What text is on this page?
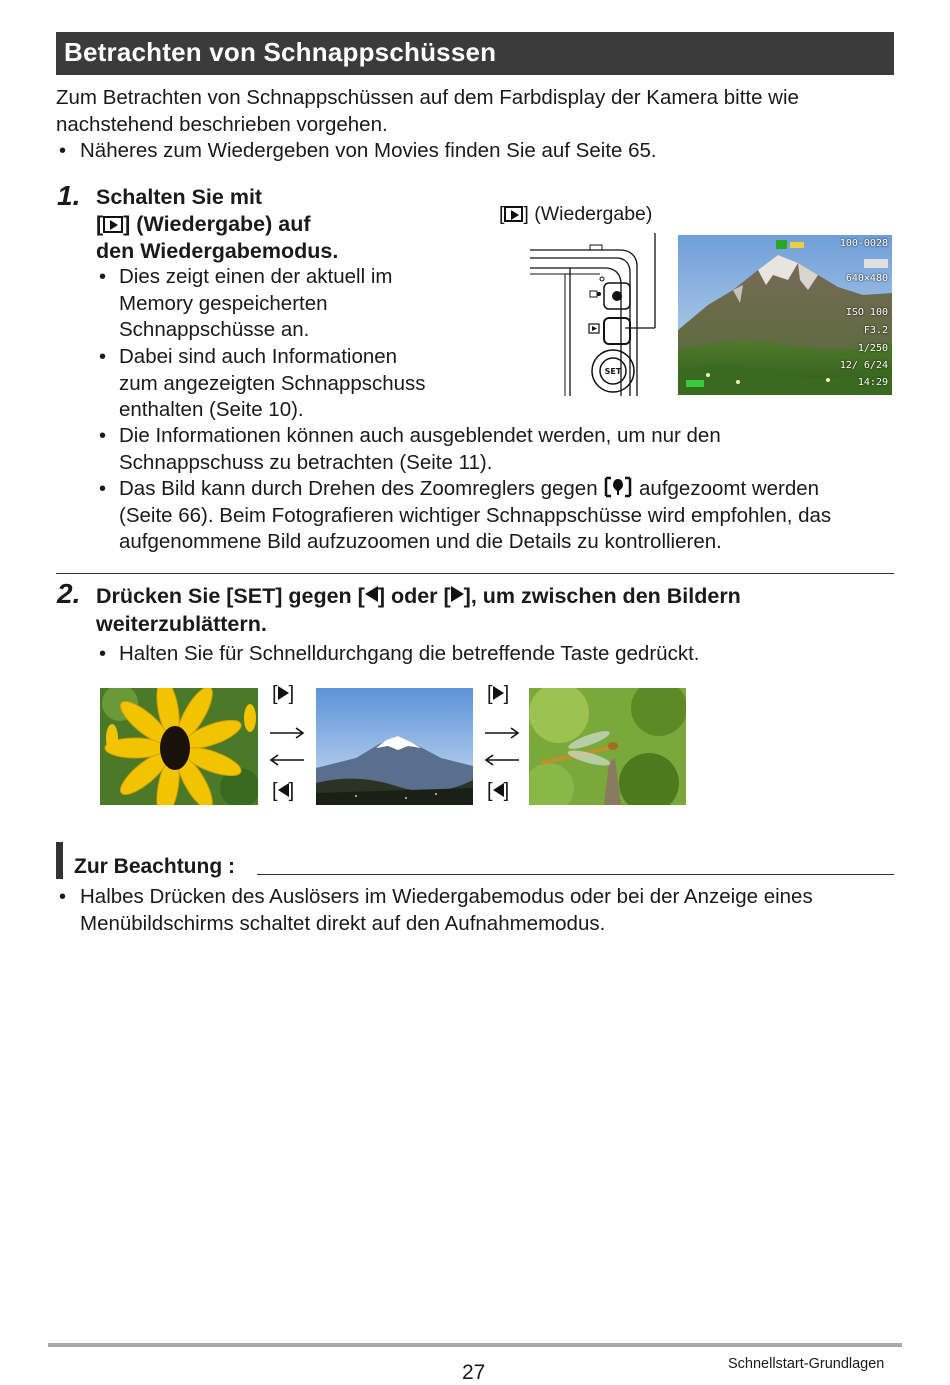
Betrachten von Schnappschüssen
Zum Betrachten von Schnappschüssen auf dem Farbdisplay der Kamera bitte wie
nachstehend beschrieben vorgehen.
• Näheres zum Wiedergeben von Movies finden Sie auf Seite 65.
1. Schalten Sie mit
[ ] (Wiedergabe) auf
den Wiedergabemodus.
• Dies zeigt einen der aktuell im
Memory gespeicherten
Schnappschüsse an.
• Dabei sind auch Informationen
zum angezeigten Schnappschuss
enthalten (Seite 10).
• Die Informationen können auch ausgeblendet werden, um nur den
Schnappschuss zu betrachten (Seite 11).
• Das Bild kann durch Drehen des Zoomreglers gegen aufgezoomt werden
(Seite 66). Beim Fotografieren wichtiger Schnappschüsse wird empfohlen, das
aufgenommene Bild aufzuzoomen und die Details zu kontrollieren.
[ ] (Wiedergabe)
SET
100-0028
640×480
ISO 100
F3.2
1/250
12/ 6/24
14:29
2. Drücken Sie [SET] gegen [ ] oder [ ], um zwischen den Bildern
weiterzublättern.
• Halten Sie für Schnelldurchgang die betreffende Taste gedrückt.
[ ]
[ ]
[ ]
[ ]
Zur Beachtung :
• Halbes Drücken des Auslösers im Wiedergabemodus oder bei der Anzeige eines
Menübildschirms schaltet direkt auf den Aufnahmemodus.
27	Schnellstart-Grundlagen
